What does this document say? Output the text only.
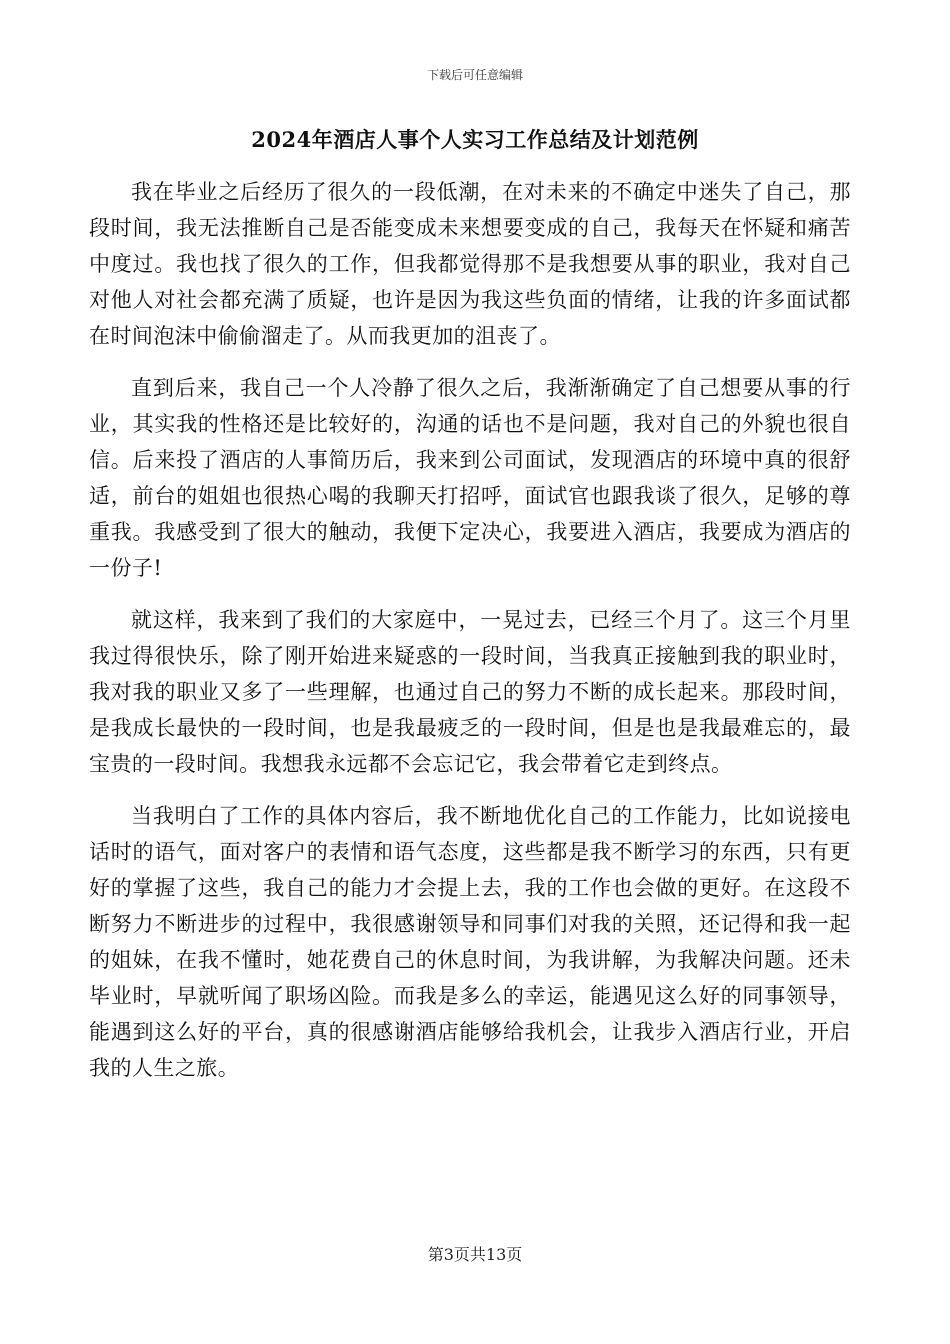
下载后可任意编辑
2024年酒店人事个人实习工作总结及计划范例

我在毕业之后经历了很久的一段低潮，在对未来的不确定中迷失了自己，那段时间，我无法推断自己是否能变成未来想要变成的自己，我每天在怀疑和痛苦中度过。我也找了很久的工作，但我都觉得那不是我想要从事的职业，我对自己对他人对社会都充满了质疑，也许是因为我这些负面的情绪，让我的许多面试都在时间泡沫中偷偷溜走了。从而我更加的沮丧了。

直到后来，我自己一个人冷静了很久之后，我渐渐确定了自己想要从事的行业，其实我的性格还是比较好的，沟通的话也不是问题，我对自己的外貌也很自信。后来投了酒店的人事简历后，我来到公司面试，发现酒店的环境中真的很舒适，前台的姐姐也很热心喝的我聊天打招呼，面试官也跟我谈了很久，足够的尊重我。我感受到了很大的触动，我便下定决心，我要进入酒店，我要成为酒店的一份子!

就这样，我来到了我们的大家庭中，一晃过去，已经三个月了。这三个月里我过得很快乐，除了刚开始进来疑惑的一段时间，当我真正接触到我的职业时，我对我的职业又多了一些理解，也通过自己的努力不断的成长起来。那段时间，是我成长最快的一段时间，也是我最疲乏的一段时间，但是也是我最难忘的，最宝贵的一段时间。我想我永远都不会忘记它，我会带着它走到终点。

当我明白了工作的具体内容后，我不断地优化自己的工作能力，比如说接电话时的语气，面对客户的表情和语气态度，这些都是我不断学习的东西，只有更好的掌握了这些，我自己的能力才会提上去，我的工作也会做的更好。在这段不断努力不断进步的过程中，我很感谢领导和同事们对我的关照，还记得和我一起的姐妹，在我不懂时，她花费自己的休息时间，为我讲解，为我解决问题。还未毕业时，早就听闻了职场凶险。而我是多么的幸运，能遇见这么好的同事领导，能遇到这么好的平台，真的很感谢酒店能够给我机会，让我步入酒店行业，开启我的人生之旅。

第3页共13页
